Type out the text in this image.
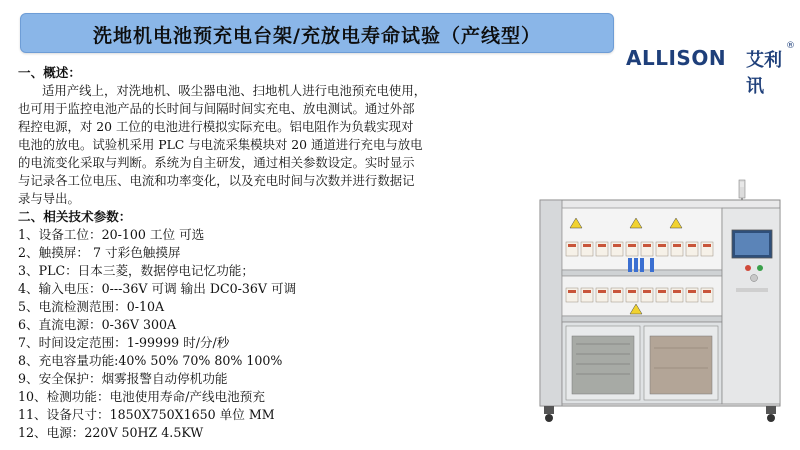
洗地机电池预充电台架/充放电寿命试验（产线型）
ALLISON 艾利讯
®
一、概述：
适用产线上，对洗地机、吸尘器电池、扫地机人进行电池预充电使用，
也可用于监控电池产品的长时间与间隔时间实充电、放电测试。通过外部
程控电源，对 20 工位的电池进行模拟实际充电。铝电阻作为负载实现对
电池的放电。试验机采用 PLC 与电流采集模块对 20 通道进行充电与放电
的电流变化采取与判断。系统为自主研发，通过相关参数设定。实时显示
与记录各工位电压、电流和功率变化，以及充电时间与次数并进行数据记
录与导出。
二、相关技术参数：
1、设备工位：20-100 工位 可选
2、触摸屏： 7 寸彩色触摸屏
3、PLC：日本三菱，数据停电记忆功能；
4、输入电压：0---36V 可调 输出 DC0-36V 可调
5、电流检测范围：0-10A
6、直流电源：0-36V 300A
7、时间设定范围：1-99999 时/分/秒
8、充电容量功能:40% 50% 70% 80% 100%
9、安全保护：烟雾报警自动停机功能
10、检测功能：电池使用寿命/产线电池预充
11、设备尺寸：1850X750X1650 单位 MM
12、电源：220V 50HZ 4.5KW
